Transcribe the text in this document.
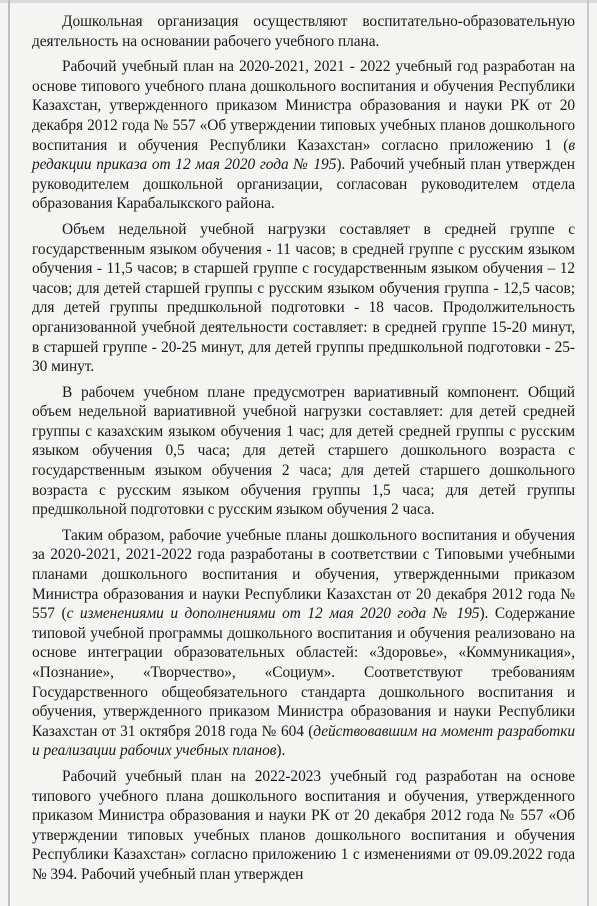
Дошкольная организация осуществляют воспитательно-образовательную деятельность на основании рабочего учебного плана.

Рабочий учебный план на 2020-2021, 2021 - 2022 учебный год разработан на основе типового учебного плана дошкольного воспитания и обучения Республики Казахстан, утвержденного приказом Министра образования и науки РК от 20 декабря 2012 года № 557 «Об утверждении типовых учебных планов дошкольного воспитания и обучения Республики Казахстан» согласно приложению 1 (в редакции приказа от 12 мая 2020 года № 195). Рабочий учебный план утвержден руководителем дошкольной организации, согласован руководителем отдела образования Карабалыкского района.

Объем недельной учебной нагрузки составляет в средней группе с государственным языком обучения - 11 часов; в средней группе с русским языком обучения - 11,5 часов; в старшей группе с государственным языком обучения – 12 часов; для детей старшей группы с русским языком обучения группа - 12,5 часов; для детей группы предшкольной подготовки - 18 часов. Продолжительность организованной учебной деятельности составляет: в средней группе 15-20 минут, в старшей группе - 20-25 минут, для детей группы предшкольной подготовки - 25-30 минут.

В рабочем учебном плане предусмотрен вариативный компонент. Общий объем недельной вариативной учебной нагрузки составляет: для детей средней группы с казахским языком обучения 1 час; для детей средней группы с русским языком обучения 0,5 часа; для детей старшего дошкольного возраста с государственным языком обучения 2 часа; для детей старшего дошкольного возраста с русским языком обучения группы 1,5 часа; для детей группы предшкольной подготовки с русским языком обучения 2 часа.

Таким образом, рабочие учебные планы дошкольного воспитания и обучения за 2020-2021, 2021-2022 года разработаны в соответствии с Типовыми учебными планами дошкольного воспитания и обучения, утвержденными приказом Министра образования и науки Республики Казахстан от 20 декабря 2012 года № 557 (с изменениями и дополнениями от 12 мая 2020 года № 195). Содержание типовой учебной программы дошкольного воспитания и обучения реализовано на основе интеграции образовательных областей: «Здоровье», «Коммуникация», «Познание», «Творчество», «Социум». Соответствуют требованиям Государственного общеобязательного стандарта дошкольного воспитания и обучения, утвержденного приказом Министра образования и науки Республики Казахстан от 31 октября 2018 года № 604 (действовавшим на момент разработки и реализации рабочих учебных планов).

Рабочий учебный план на 2022-2023 учебный год разработан на основе типового учебного плана дошкольного воспитания и обучения, утвержденного приказом Министра образования и науки РК от 20 декабря 2012 года № 557 «Об утверждении типовых учебных планов дошкольного воспитания и обучения Республики Казахстан» согласно приложению 1 с изменениями от 09.09.2022 года № 394. Рабочий учебный план утвержден
